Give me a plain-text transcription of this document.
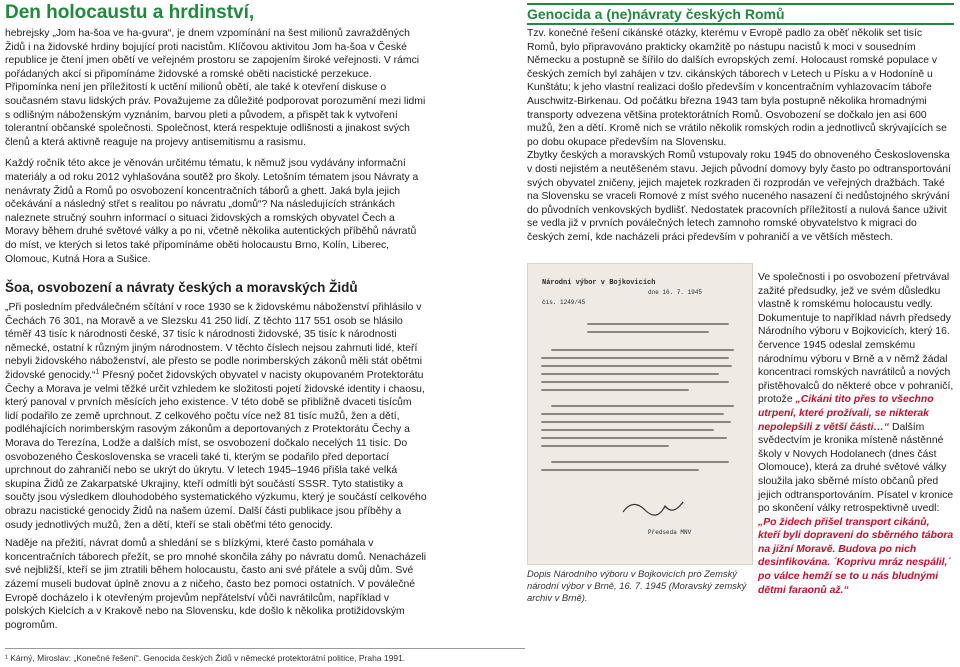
Den holocaustu a hrdinství,

hebrejsky „Jom ha-šoa ve ha-gvura“, je dnem vzpomínání na šest milionů zavražděných Židů i na židovské hrdiny bojující proti nacistům. Klíčovou aktivitou Jom ha-šoa v České republice je čtení jmen obětí ve veřejném prostoru se zapojením široké veřejnosti. V rámci pořádaných akcí si připomínáme židovské a romské oběti nacistické perzekuce. Připomínka není jen příležitostí k uctění milionů obětí, ale také k otevření diskuse o současném stavu lidských práv. Považujeme za důležité podporovat porozumění mezi lidmi s odlišným náboženským vyznáním, barvou pleti a původem, a přispět tak k vytvoření tolerantní občanské společnosti. Společnost, která respektuje odlišnosti a jinakost svých členů a která aktivně reaguje na projevy antisemitismu a rasismu.

Každý ročník této akce je věnován určitému tématu, k němuž jsou vydávány informační materiály a od roku 2012 vyhlašována soutěž pro školy. Letošním tématem jsou Návraty a nenávraty Židů a Romů po osvobození koncentračních táborů a ghett. Jaká byla jejich očekávání a následný střet s realitou po návratu „domů“? Na následujících stránkách naleznete stručný souhrn informací o situaci židovských a romských obyvatel Čech a Moravy během druhé světové války a po ni, včetně několika autentických příběhů návratů do míst, ve kterých si letos také připomínáme oběti holocaustu Brno, Kolín, Liberec, Olomouc, Kutná Hora a Sušice.

Šoa, osvobození a návraty českých a moravských Židů

„Při posledním předválečném sčítání v roce 1930 se k židovskému náboženství přihlásilo v Čechách 76 301, na Moravě a ve Slezsku 41 250 lidí. Z těchto 117 551 osob se hlásilo téměř 43 tisíc k národnosti české, 37 tisíc k národnosti židovské, 35 tisíc k národnosti německé, ostatní k různým jiným národnostem. V těchto číslech nejsou zahrnuti lidé, kteří nebyli židovského náboženství, ale přesto se podle norimberských zákonů měli stát obětmi židovské genocidy.“$^1$ Přesný počet židovských obyvatel v nacisty okupovaném Protektorátu Čechy a Morava je velmi těžké určit vzhledem ke složitosti pojetí židovské identity i chaosu, který panoval v prvních měsících jeho existence. V této době se přibližně dvaceti tisícům lidí podařilo ze země uprchnout. Z celkového počtu více než 81 tisíc mužů, žen a dětí, podléhajících norimberským rasovým zákonům a deportovaných z Protektorátu Čechy a Morava do Terezína, Lodže a dalších míst, se osvobození dočkalo necelých 11 tisíc. Do osvobozeného Československa se vraceli také ti, kterým se podařilo před deportací uprchnout do zahraničí nebo se ukrýt do úkrytu. V letech 1945–1946 přišla také velká skupina Židů ze Zakarpatské Ukrajiny, kteří odmítli být součástí SSSR. Tyto statistiky a součty jsou výsledkem dlouhodobého systematického výzkumu, který je součástí celkového obrazu nacistické genocidy Židů na našem území. Další části publikace jsou příběhy a osudy jednotlivých mužů, žen a dětí, kteří se stali oběťmi této genocidy.

Naděje na přežití, návrat domů a shledání se s blízkými, které často pomáhala v koncentračních táborech přežít, se pro mnohé skončila záhy po návratu domů. Nenacházeli své nejbližší, kteří se jim ztratili během holocaustu, často ani své přátele a svůj dům. Své zázemí museli budovat úplně znovu a z ničeho, často bez pomoci ostatních. V poválečné Evropě docházelo i k otevřeným projevům nepřátelství vůči navrátilcům, například v polských Kielcích a v Krakově nebo na Slovensku, kde došlo k několika protižidovským pogromům.

Genocida a (ne)návraty českých Romů

Tzv. konečné řešení cikánské otázky, kterému v Evropě padlo za oběť několik set tisíc Romů, bylo připravováno prakticky okamžitě po nástupu nacistů k moci v sousedním Německu a postupně se šířilo do dalších evropských zemí. Holocaust romské populace v českých zemích byl zahájen v tzv. cikánských táborech v Letech u Písku a v Hodoníně u Kunštátu; k jeho vlastní realizaci došlo především v koncentračním vyhlazovacím táboře Auschwitz-Birkenau. Od počátku března 1943 tam byla postupně několika hromadnými transporty odvezena většina protektorátních Romů. Osvobození se dočkalo jen asi 600 mužů, žen a dětí. Kromě nich se vrátilo několik romských rodin a jednotlivců skrývajících se po dobu okupace především na Slovensku.

Zbytky českých a moravských Romů vstupovaly roku 1945 do obnoveného Československa v dosti nejistém a neutěšeném stavu. Jejich původní domovy byly často po odtransportování svých obyvatel zničeny, jejich majetek rozkraden či rozprodán ve veřejných dražbách. Také na Slovensku se vraceli Romové z míst svého nuceného nasazení či nedůstojného skrývání do původních venkovských bydlišť. Nedostatek pracovních příležitostí a nulová šance uživit se vedla již v prvních poválečných letech zamnoho romské obyvatelstvo k migraci do českých zemí, kde nacházeli práci především v pohraničí a ve větších městech.

Národní výbor v Bojkovicích
dne 16. 7. 1945
čís. 1249/45
Předseda MNV
Dopis Národního výboru v Bojkovicích pro Zemský národní výbor v Brně, 16. 7. 1945 (Moravský zemský archiv v Brně).
Ve společnosti i po osvobození přetrvával zažité předsudky, jež ve svém důsledku vlastně k romskému holocaustu vedly. Dokumentuje to například návrh předsedy Národního výboru v Bojkovicích, který 16. července 1945 odeslal zemskému národnímu výboru v Brně a v němž žádal koncentraci romských navrátilců a nových přistěhovalců do některé obce v pohraničí, protože „Cikáni tito přes to všechno utrpení, které prožívali, se nikterak nepolepšili z větší části…“ Dalším svědectvím je kronika místeně nástěnné školy v Novych Hodolanech (dnes část Olomouce), která za druhé světové války sloužila jako sběrné místo občanů před jejich odtransportováním. Písatel v kronice po skončení války retrospektivně uvedl: „Po židech přišel transport cikánů, kteří byli dopraveni do sběrného tábora na jižní Moravě. Budova po nich desinfikována. ´Koprivu mráz nespálil,´ po válce hemží se to u nás bludnými dětmi faraonů až.“
¹ Kárný, Miroslav: „Konečné řešení“. Genocida českých Židů v německé protektorátní politice, Praha 1991.
